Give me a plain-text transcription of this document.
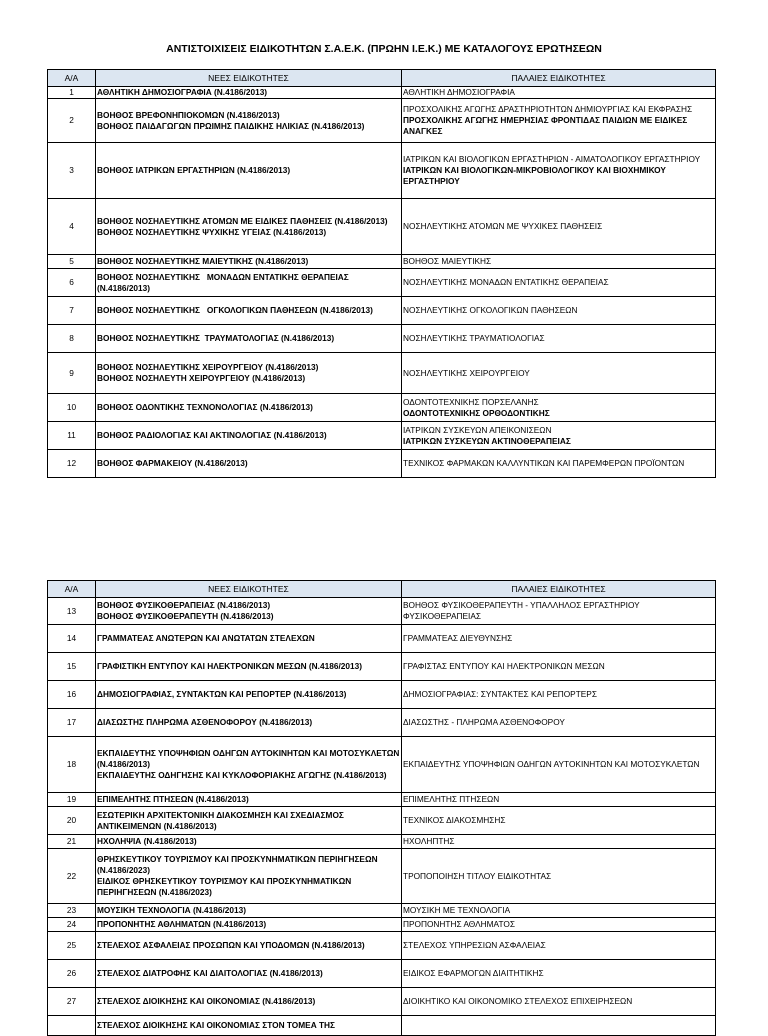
ΑΝΤΙΣΤΟΙΧΙΣΕΙΣ ΕΙΔΙΚΟΤΗΤΩΝ Σ.Α.Ε.Κ. (ΠΡΩΗΝ Ι.Ε.Κ.) ΜΕ ΚΑΤΑΛΟΓΟΥΣ ΕΡΩΤΗΣΕΩΝ
Α/Α	ΝΕΕΣ ΕΙΔΙΚΟΤΗΤΕΣ	ΠΑΛΑΙΕΣ ΕΙΔΙΚΟΤΗΤΕΣ
1	ΑΘΛΗΤΙΚΗ ΔΗΜΟΣΙΟΓΡΑΦΙΑ (Ν.4186/2013)	ΑΘΛΗΤΙΚΗ ΔΗΜΟΣΙΟΓΡΑΦΙΑ

2	ΒΟΗΘΟΣ ΒΡΕΦΟΝΗΠΙΟΚΟΜΩΝ (Ν.4186/2013)
ΒΟΗΘΟΣ ΠΑΙΔΑΓΩΓΩΝ ΠΡΩΙΜΗΣ ΠΑΙΔΙΚΗΣ ΗΛΙΚΙΑΣ (Ν.4186/2013)	ΠΡΟΣΧΟΛΙΚΗΣ ΑΓΩΓΗΣ ΔΡΑΣΤΗΡΙΟΤΗΤΩΝ ΔΗΜΙΟΥΡΓΙΑΣ ΚΑΙ ΕΚΦΡΑΣΗΣ
ΠΡΟΣΧΟΛΙΚΗΣ ΑΓΩΓΗΣ ΗΜΕΡΗΣΙΑΣ ΦΡΟΝΤΙΔΑΣ ΠΑΙΔΙΩΝ ΜΕ ΕΙΔΙΚΕΣ ΑΝΑΓΚΕΣ

3	ΒΟΗΘΟΣ ΙΑΤΡΙΚΩΝ ΕΡΓΑΣΤΗΡΙΩΝ (Ν.4186/2013)	ΙΑΤΡΙΚΩΝ ΚΑΙ ΒΙΟΛΟΓΙΚΩΝ ΕΡΓΑΣΤΗΡΙΩΝ - ΑΙΜΑΤΟΛΟΓΙΚΟΥ ΕΡΓΑΣΤΗΡΙΟΥ
ΙΑΤΡΙΚΩΝ ΚΑΙ ΒΙΟΛΟΓΙΚΩΝ-ΜΙΚΡΟΒΙΟΛΟΓΙΚΟΥ ΚΑΙ ΒΙΟΧΗΜΙΚΟΥ ΕΡΓΑΣΤΗΡΙΟΥ

4	ΒΟΗΘΟΣ ΝΟΣΗΛΕΥΤΙΚΗΣ ΑΤΟΜΩΝ ΜΕ ΕΙΔΙΚΕΣ ΠΑΘΗΣΕΙΣ (Ν.4186/2013)
ΒΟΗΘΟΣ ΝΟΣΗΛΕΥΤΙΚΗΣ ΨΥΧΙΚΗΣ ΥΓΕΙΑΣ (Ν.4186/2013)	ΝΟΣΗΛΕΥΤΙΚΗΣ ΑΤΟΜΩΝ ΜΕ ΨΥΧΙΚΕΣ ΠΑΘΗΣΕΙΣ

5	ΒΟΗΘΟΣ ΝΟΣΗΛΕΥΤΙΚΗΣ ΜΑΙΕΥΤΙΚΗΣ (Ν.4186/2013)	ΒΟΗΘΟΣ ΜΑΙΕΥΤΙΚΗΣ

6	ΒΟΗΘΟΣ ΝΟΣΗΛΕΥΤΙΚΗΣ   ΜΟΝΑΔΩΝ ΕΝΤΑΤΙΚΗΣ ΘΕΡΑΠΕΙΑΣ (Ν.4186/2013)	ΝΟΣΗΛΕΥΤΙΚΗΣ ΜΟΝΑΔΩΝ ΕΝΤΑΤΙΚΗΣ ΘΕΡΑΠΕΙΑΣ

7	ΒΟΗΘΟΣ ΝΟΣΗΛΕΥΤΙΚΗΣ   ΟΓΚΟΛΟΓΙΚΩΝ ΠΑΘΗΣΕΩΝ (Ν.4186/2013)	ΝΟΣΗΛΕΥΤΙΚΗΣ ΟΓΚΟΛΟΓΙΚΩΝ ΠΑΘΗΣΕΩΝ

8	ΒΟΗΘΟΣ ΝΟΣΗΛΕΥΤΙΚΗΣ  ΤΡΑΥΜΑΤΟΛΟΓΙΑΣ (Ν.4186/2013)	ΝΟΣΗΛΕΥΤΙΚΗΣ ΤΡΑΥΜΑΤΙΟΛΟΓΙΑΣ

9	ΒΟΗΘΟΣ ΝΟΣΗΛΕΥΤΙΚΗΣ ΧΕΙΡΟΥΡΓΕΙΟΥ (Ν.4186/2013)
ΒΟΗΘΟΣ ΝΟΣΗΛΕΥΤΗ ΧΕΙΡΟΥΡΓΕΙΟΥ (Ν.4186/2013)	ΝΟΣΗΛΕΥΤΙΚΗΣ ΧΕΙΡΟΥΡΓΕΙΟΥ

10	ΒΟΗΘΟΣ ΟΔΟΝΤΙΚΗΣ ΤΕΧΝΟΝΟΛΟΓΙΑΣ (Ν.4186/2013)	ΟΔΟΝΤΟΤΕΧΝΙΚΗΣ ΠΟΡΣΕΛΑΝΗΣ
ΟΔΟΝΤΟΤΕΧΝΙΚΗΣ ΟΡΘΟΔΟΝΤΙΚΗΣ

11	ΒΟΗΘΟΣ ΡΑΔΙΟΛΟΓΙΑΣ ΚΑΙ ΑΚΤΙΝΟΛΟΓΙΑΣ (Ν.4186/2013)	ΙΑΤΡΙΚΩΝ ΣΥΣΚΕΥΩΝ ΑΠΕΙΚΟΝΙΣΕΩΝ
ΙΑΤΡΙΚΩΝ ΣΥΣΚΕΥΩΝ ΑΚΤΙΝΟΘΕΡΑΠΕΙΑΣ

12	ΒΟΗΘΟΣ ΦΑΡΜΑΚΕΙΟΥ (Ν.4186/2013)	ΤΕΧΝΙΚΟΣ ΦΑΡΜΑΚΩΝ ΚΑΛΛΥΝΤΙΚΩΝ ΚΑΙ ΠΑΡΕΜΦΕΡΩΝ ΠΡΟΪΟΝΤΩΝ
Α/Α	ΝΕΕΣ ΕΙΔΙΚΟΤΗΤΕΣ	ΠΑΛΑΙΕΣ ΕΙΔΙΚΟΤΗΤΕΣ
13	ΒΟΗΘΟΣ ΦΥΣΙΚΟΘΕΡΑΠΕΙΑΣ (Ν.4186/2013)
ΒΟΗΘΟΣ ΦΥΣΙΚΟΘΕΡΑΠΕΥΤΗ (Ν.4186/2013)	ΒΟΗΘΟΣ ΦΥΣΙΚΟΘΕΡΑΠΕΥΤΗ - ΥΠΑΛΛΗΛΟΣ ΕΡΓΑΣΤΗΡΙΟΥ ΦΥΣΙΚΟΘΕΡΑΠΕΙΑΣ

14	ΓΡΑΜΜΑΤΕΑΣ ΑΝΩΤΕΡΩΝ ΚΑΙ ΑΝΩΤΑΤΩΝ ΣΤΕΛΕΧΩΝ	ΓΡΑΜΜΑΤΕΑΣ ΔΙΕΥΘΥΝΣΗΣ

15	ΓΡΑΦΙΣΤΙΚΗ ΕΝΤΥΠΟΥ ΚΑΙ ΗΛΕΚΤΡΟΝΙΚΩΝ ΜΕΣΩΝ (Ν.4186/2013)	ΓΡΑΦΙΣΤΑΣ ΕΝΤΥΠΟΥ ΚΑΙ ΗΛΕΚΤΡΟΝΙΚΩΝ ΜΕΣΩΝ

16	ΔΗΜΟΣΙΟΓΡΑΦΙΑΣ, ΣΥΝΤΑΚΤΩΝ ΚΑΙ ΡΕΠΟΡΤΕΡ (Ν.4186/2013)	ΔΗΜΟΣΙΟΓΡΑΦΙΑΣ: ΣΥΝΤΑΚΤΕΣ ΚΑΙ ΡΕΠΟΡΤΕΡΣ

17	ΔΙΑΣΩΣΤΗΣ ΠΛΗΡΩΜΑ ΑΣΘΕΝΟΦΟΡΟΥ (Ν.4186/2013)	ΔΙΑΣΩΣΤΗΣ - ΠΛΗΡΩΜΑ ΑΣΘΕΝΟΦΟΡΟΥ

18	ΕΚΠΑΙΔΕΥΤΗΣ ΥΠΟΨΗΦΙΩΝ ΟΔΗΓΩΝ ΑΥΤΟΚΙΝΗΤΩΝ ΚΑΙ ΜΟΤΟΣΥΚΛΕΤΩΝ (Ν.4186/2013)
ΕΚΠΑΙΔΕΥΤΗΣ ΟΔΗΓΗΣΗΣ ΚΑΙ ΚΥΚΛΟΦΟΡΙΑΚΗΣ ΑΓΩΓΗΣ (Ν.4186/2013)	ΕΚΠΑΙΔΕΥΤΗΣ ΥΠΟΨΗΦΙΩΝ ΟΔΗΓΩΝ ΑΥΤΟΚΙΝΗΤΩΝ ΚΑΙ ΜΟΤΟΣΥΚΛΕΤΩΝ

19	ΕΠΙΜΕΛΗΤΗΣ ΠΤΗΣΕΩΝ (Ν.4186/2013)	ΕΠΙΜΕΛΗΤΗΣ ΠΤΗΣΕΩΝ

20	ΕΣΩΤΕΡΙΚΗ ΑΡΧΙΤΕΚΤΟΝΙΚΗ ΔΙΑΚΟΣΜΗΣΗ ΚΑΙ ΣΧΕΔΙΑΣΜΟΣ ΑΝΤΙΚΕΙΜΕΝΩΝ (Ν.4186/2013)	ΤΕΧΝΙΚΟΣ ΔΙΑΚΟΣΜΗΣΗΣ

21	ΗΧΟΛΗΨΙΑ (Ν.4186/2013)	ΗΧΟΛΗΠΤΗΣ

22	ΘΡΗΣΚΕΥΤΙΚΟΥ ΤΟΥΡΙΣΜΟΥ ΚΑΙ ΠΡΟΣΚΥΝΗΜΑΤΙΚΩΝ ΠΕΡΙΗΓΗΣΕΩΝ (Ν.4186/2023)
ΕΙΔΙΚΟΣ ΘΡΗΣΚΕΥΤΙΚΟΥ ΤΟΥΡΙΣΜΟΥ ΚΑΙ ΠΡΟΣΚΥΝΗΜΑΤΙΚΩΝ ΠΕΡΙΗΓΗΣΕΩΝ (Ν.4186/2023)	ΤΡΟΠΟΠΟΙΗΣΗ ΤΙΤΛΟΥ ΕΙΔΙΚΟΤΗΤΑΣ

23	ΜΟΥΣΙΚΗ ΤΕΧΝΟΛΟΓΙΑ (Ν.4186/2013)	ΜΟΥΣΙΚΗ ΜΕ ΤΕΧΝΟΛΟΓΙΑ

24	ΠΡΟΠΟΝΗΤΗΣ ΑΘΛΗΜΑΤΩΝ (Ν.4186/2013)	ΠΡΟΠΟΝΗΤΗΣ ΑΘΛΗΜΑΤΟΣ

25	ΣΤΕΛΕΧΟΣ ΑΣΦΑΛΕΙΑΣ ΠΡΟΣΩΠΩΝ ΚΑΙ ΥΠΟΔΟΜΩΝ (Ν.4186/2013)	ΣΤΕΛΕΧΟΣ ΥΠΗΡΕΣΙΩΝ ΑΣΦΑΛΕΙΑΣ

26	ΣΤΕΛΕΧΟΣ ΔΙΑΤΡΟΦΗΣ ΚΑΙ ΔΙΑΙΤΟΛΟΓΙΑΣ (Ν.4186/2013)	ΕΙΔΙΚΟΣ ΕΦΑΡΜΟΓΩΝ ΔΙΑΙΤΗΤΙΚΗΣ

27	ΣΤΕΛΕΧΟΣ ΔΙΟΙΚΗΣΗΣ ΚΑΙ ΟΙΚΟΝΟΜΙΑΣ (Ν.4186/2013)	ΔΙΟΙΚΗΤΙΚΟ ΚΑΙ ΟΙΚΟΝΟΜΙΚΟ ΣΤΕΛΕΧΟΣ ΕΠΙΧΕΙΡΗΣΕΩΝ

	ΣΤΕΛΕΧΟΣ ΔΙΟΙΚΗΣΗΣ ΚΑΙ ΟΙΚΟΝΟΜΙΑΣ ΣΤΟΝ ΤΟΜΕΑ ΤΗΣ	
